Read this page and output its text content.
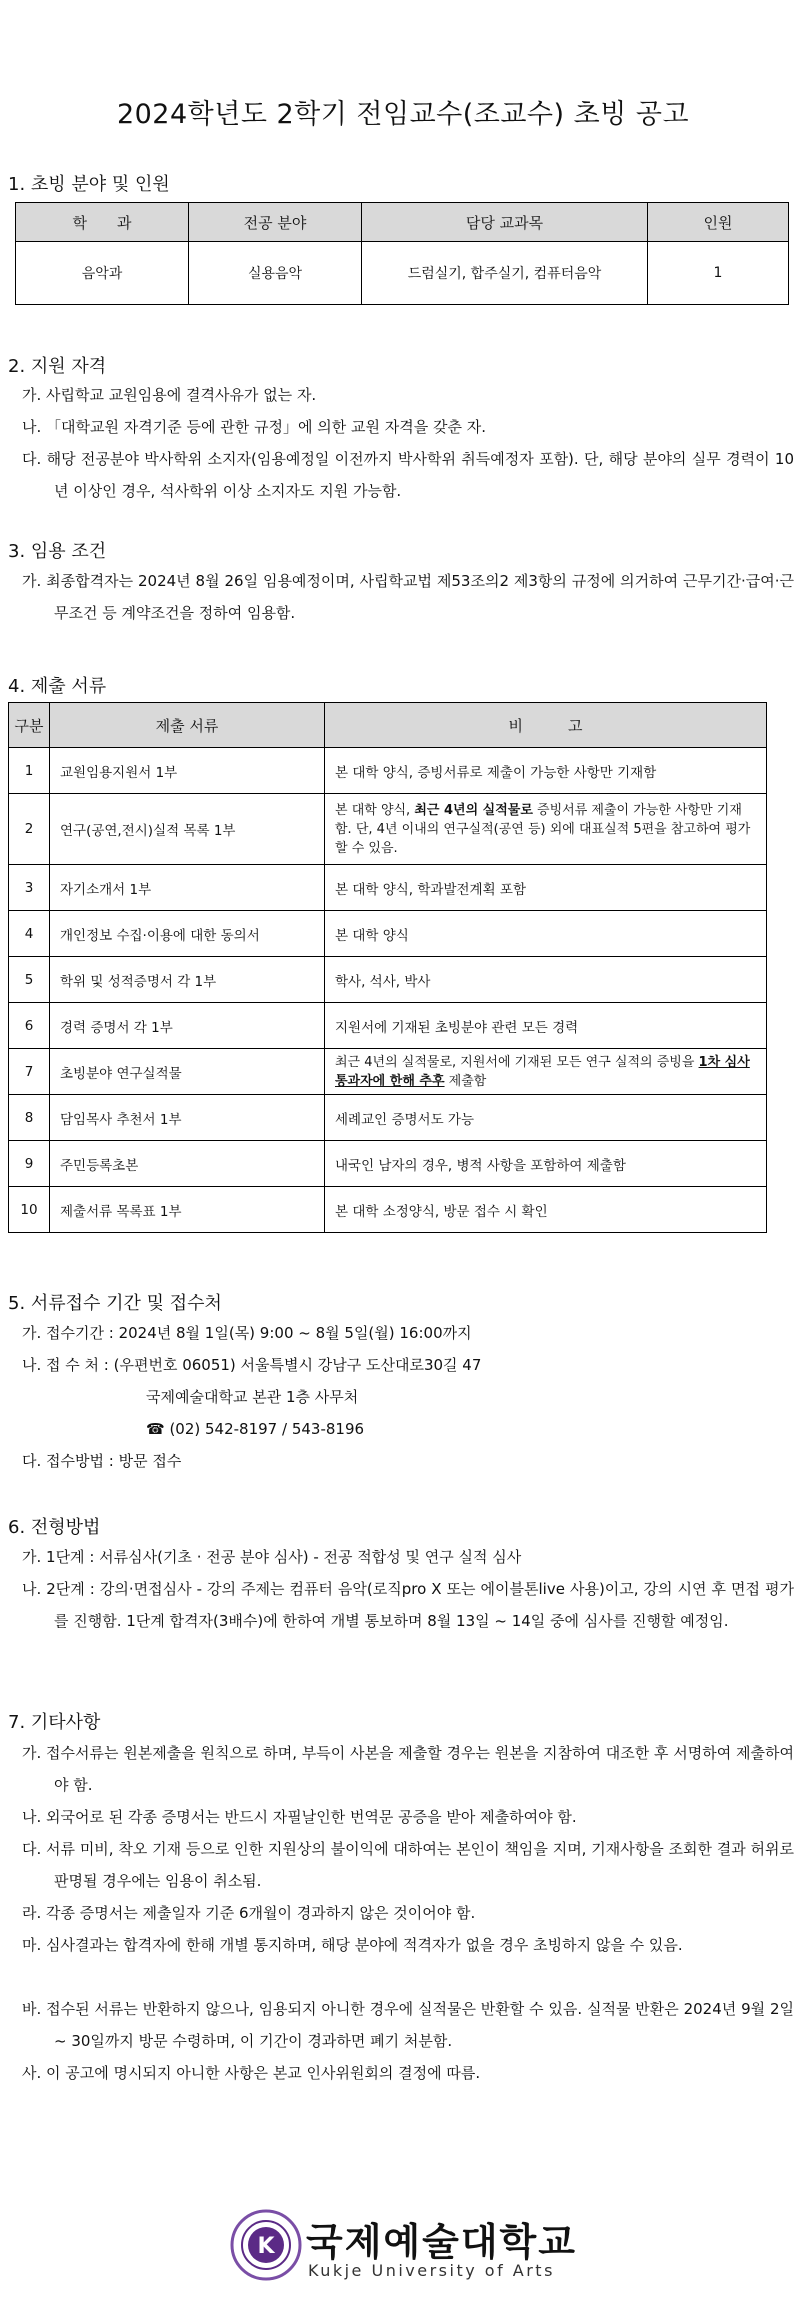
2024학년도 2학기 전임교수(조교수) 초빙 공고
1. 초빙 분야 및 인원
학　　과	전공 분야	담당 교과목	인원
음악과	실용음악	드럼실기, 합주실기, 컴퓨터음악	1
2. 지원 자격
가. 사립학교 교원임용에 결격사유가 없는 자.
나. 「대학교원 자격기준 등에 관한 규정」에 의한 교원 자격을 갖춘 자.
다. 해당 전공분야 박사학위 소지자(임용예정일 이전까지 박사학위 취득예정자 포함). 단, 해당 분야의 실무 경력이 10년 이상인 경우, 석사학위 이상 소지자도 지원 가능함.
3. 임용 조건
가. 최종합격자는 2024년 8월 26일 임용예정이며, 사립학교법 제53조의2 제3항의 규정에 의거하여 근무기간·급여·근무조건 등 계약조건을 정하여 임용함.
4. 제출 서류
구분	제출 서류	비　　　고
1	교원임용지원서 1부	본 대학 양식, 증빙서류로 제출이 가능한 사항만 기재함
2	연구(공연,전시)실적 목록 1부	본 대학 양식, 최근 4년의 실적물로 증빙서류 제출이 가능한 사항만 기재함. 단, 4년 이내의 연구실적(공연 등) 외에 대표실적 5편을 참고하여 평가할 수 있음.
3	자기소개서 1부	본 대학 양식, 학과발전계획 포함
4	개인정보 수집·이용에 대한 동의서	본 대학 양식
5	학위 및 성적증명서 각 1부	학사, 석사, 박사
6	경력 증명서 각 1부	지원서에 기재된 초빙분야 관련 모든 경력
7	초빙분야 연구실적물	최근 4년의 실적물로, 지원서에 기재된 모든 연구 실적의 증빙을 1차 심사 통과자에 한해 추후 제출함
8	담임목사 추천서 1부	세례교인 증명서도 가능
9	주민등록초본	내국인 남자의 경우, 병적 사항을 포함하여 제출함
10	제출서류 목록표 1부	본 대학 소정양식, 방문 접수 시 확인
5. 서류접수 기간 및 접수처
가. 접수기간 : 2024년 8월 1일(목) 9:00 ~ 8월 5일(월) 16:00까지
나. 접 수 처 : (우편번호 06051) 서울특별시 강남구 도산대로30길 47
국제예술대학교 본관 1층 사무처
☎ (02) 542-8197 / 543-8196
다. 접수방법 : 방문 접수
6. 전형방법
가. 1단계 : 서류심사(기초 · 전공 분야 심사) - 전공 적합성 및 연구 실적 심사
나. 2단계 : 강의·면접심사 - 강의 주제는 컴퓨터 음악(로직pro X 또는 에이블톤live 사용)이고, 강의 시연 후 면접 평가를 진행함. 1단계 합격자(3배수)에 한하여 개별 통보하며 8월 13일 ~ 14일 중에 심사를 진행할 예정임.
7. 기타사항
가. 접수서류는 원본제출을 원칙으로 하며, 부득이 사본을 제출할 경우는 원본을 지참하여 대조한 후 서명하여 제출하여야 함.
나. 외국어로 된 각종 증명서는 반드시 자필날인한 번역문 공증을 받아 제출하여야 함.
다. 서류 미비, 착오 기재 등으로 인한 지원상의 불이익에 대하여는 본인이 책임을 지며, 기재사항을 조회한 결과 허위로 판명될 경우에는 임용이 취소됨.
라. 각종 증명서는 제출일자 기준 6개월이 경과하지 않은 것이어야 함.
마. 심사결과는 합격자에 한해 개별 통지하며, 해당 분야에 적격자가 없을 경우 초빙하지 않을 수 있음.
바. 접수된 서류는 반환하지 않으나, 임용되지 아니한 경우에 실적물은 반환할 수 있음. 실적물 반환은 2024년 9월 2일 ~ 30일까지 방문 수령하며, 이 기간이 경과하면 폐기 처분함.
사. 이 공고에 명시되지 아니한 사항은 본교 인사위원회의 결정에 따름.
K 국제예술대학교
Kukje University of Arts
